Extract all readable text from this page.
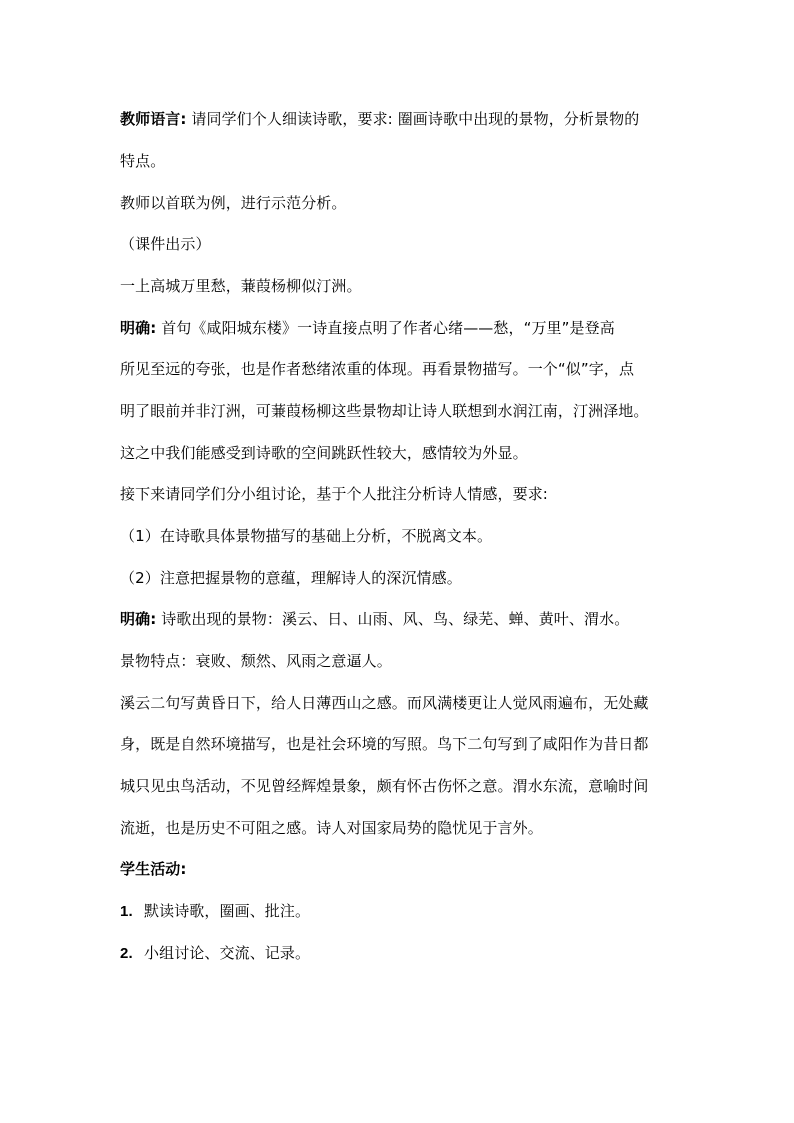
教师语言: 请同学们个人细读诗歌，要求: 圈画诗歌中出现的景物，分析景物的
特点。
教师以首联为例，进行示范分析。
（课件出示）
一上高城万里愁，蒹葭杨柳似汀洲。
明确: 首句《咸阳城东楼》一诗直接点明了作者心绪——愁，“万里”是登高
所见至远的夸张，也是作者愁绪浓重的体现。再看景物描写。一个“似”字，点
明了眼前并非汀洲，可蒹葭杨柳这些景物却让诗人联想到水润江南，汀洲泽地。
这之中我们能感受到诗歌的空间跳跃性较大，感情较为外显。
接下来请同学们分小组讨论，基于个人批注分析诗人情感，要求:
（1）在诗歌具体景物描写的基础上分析，不脱离文本。
（2）注意把握景物的意蕴，理解诗人的深沉情感。
明确: 诗歌出现的景物：溪云、日、山雨、风、鸟、绿芜、蝉、黄叶、渭水。
景物特点：衰败、颓然、风雨之意逼人。
溪云二句写黄昏日下，给人日薄西山之感。而风满楼更让人觉风雨遍布，无处藏
身，既是自然环境描写，也是社会环境的写照。鸟下二句写到了咸阳作为昔日都
城只见虫鸟活动，不见曾经辉煌景象，颇有怀古伤怀之意。渭水东流，意喻时间
流逝，也是历史不可阻之感。诗人对国家局势的隐忧见于言外。
学生活动:
1. 默读诗歌，圈画、批注。
2. 小组讨论、交流、记录。
